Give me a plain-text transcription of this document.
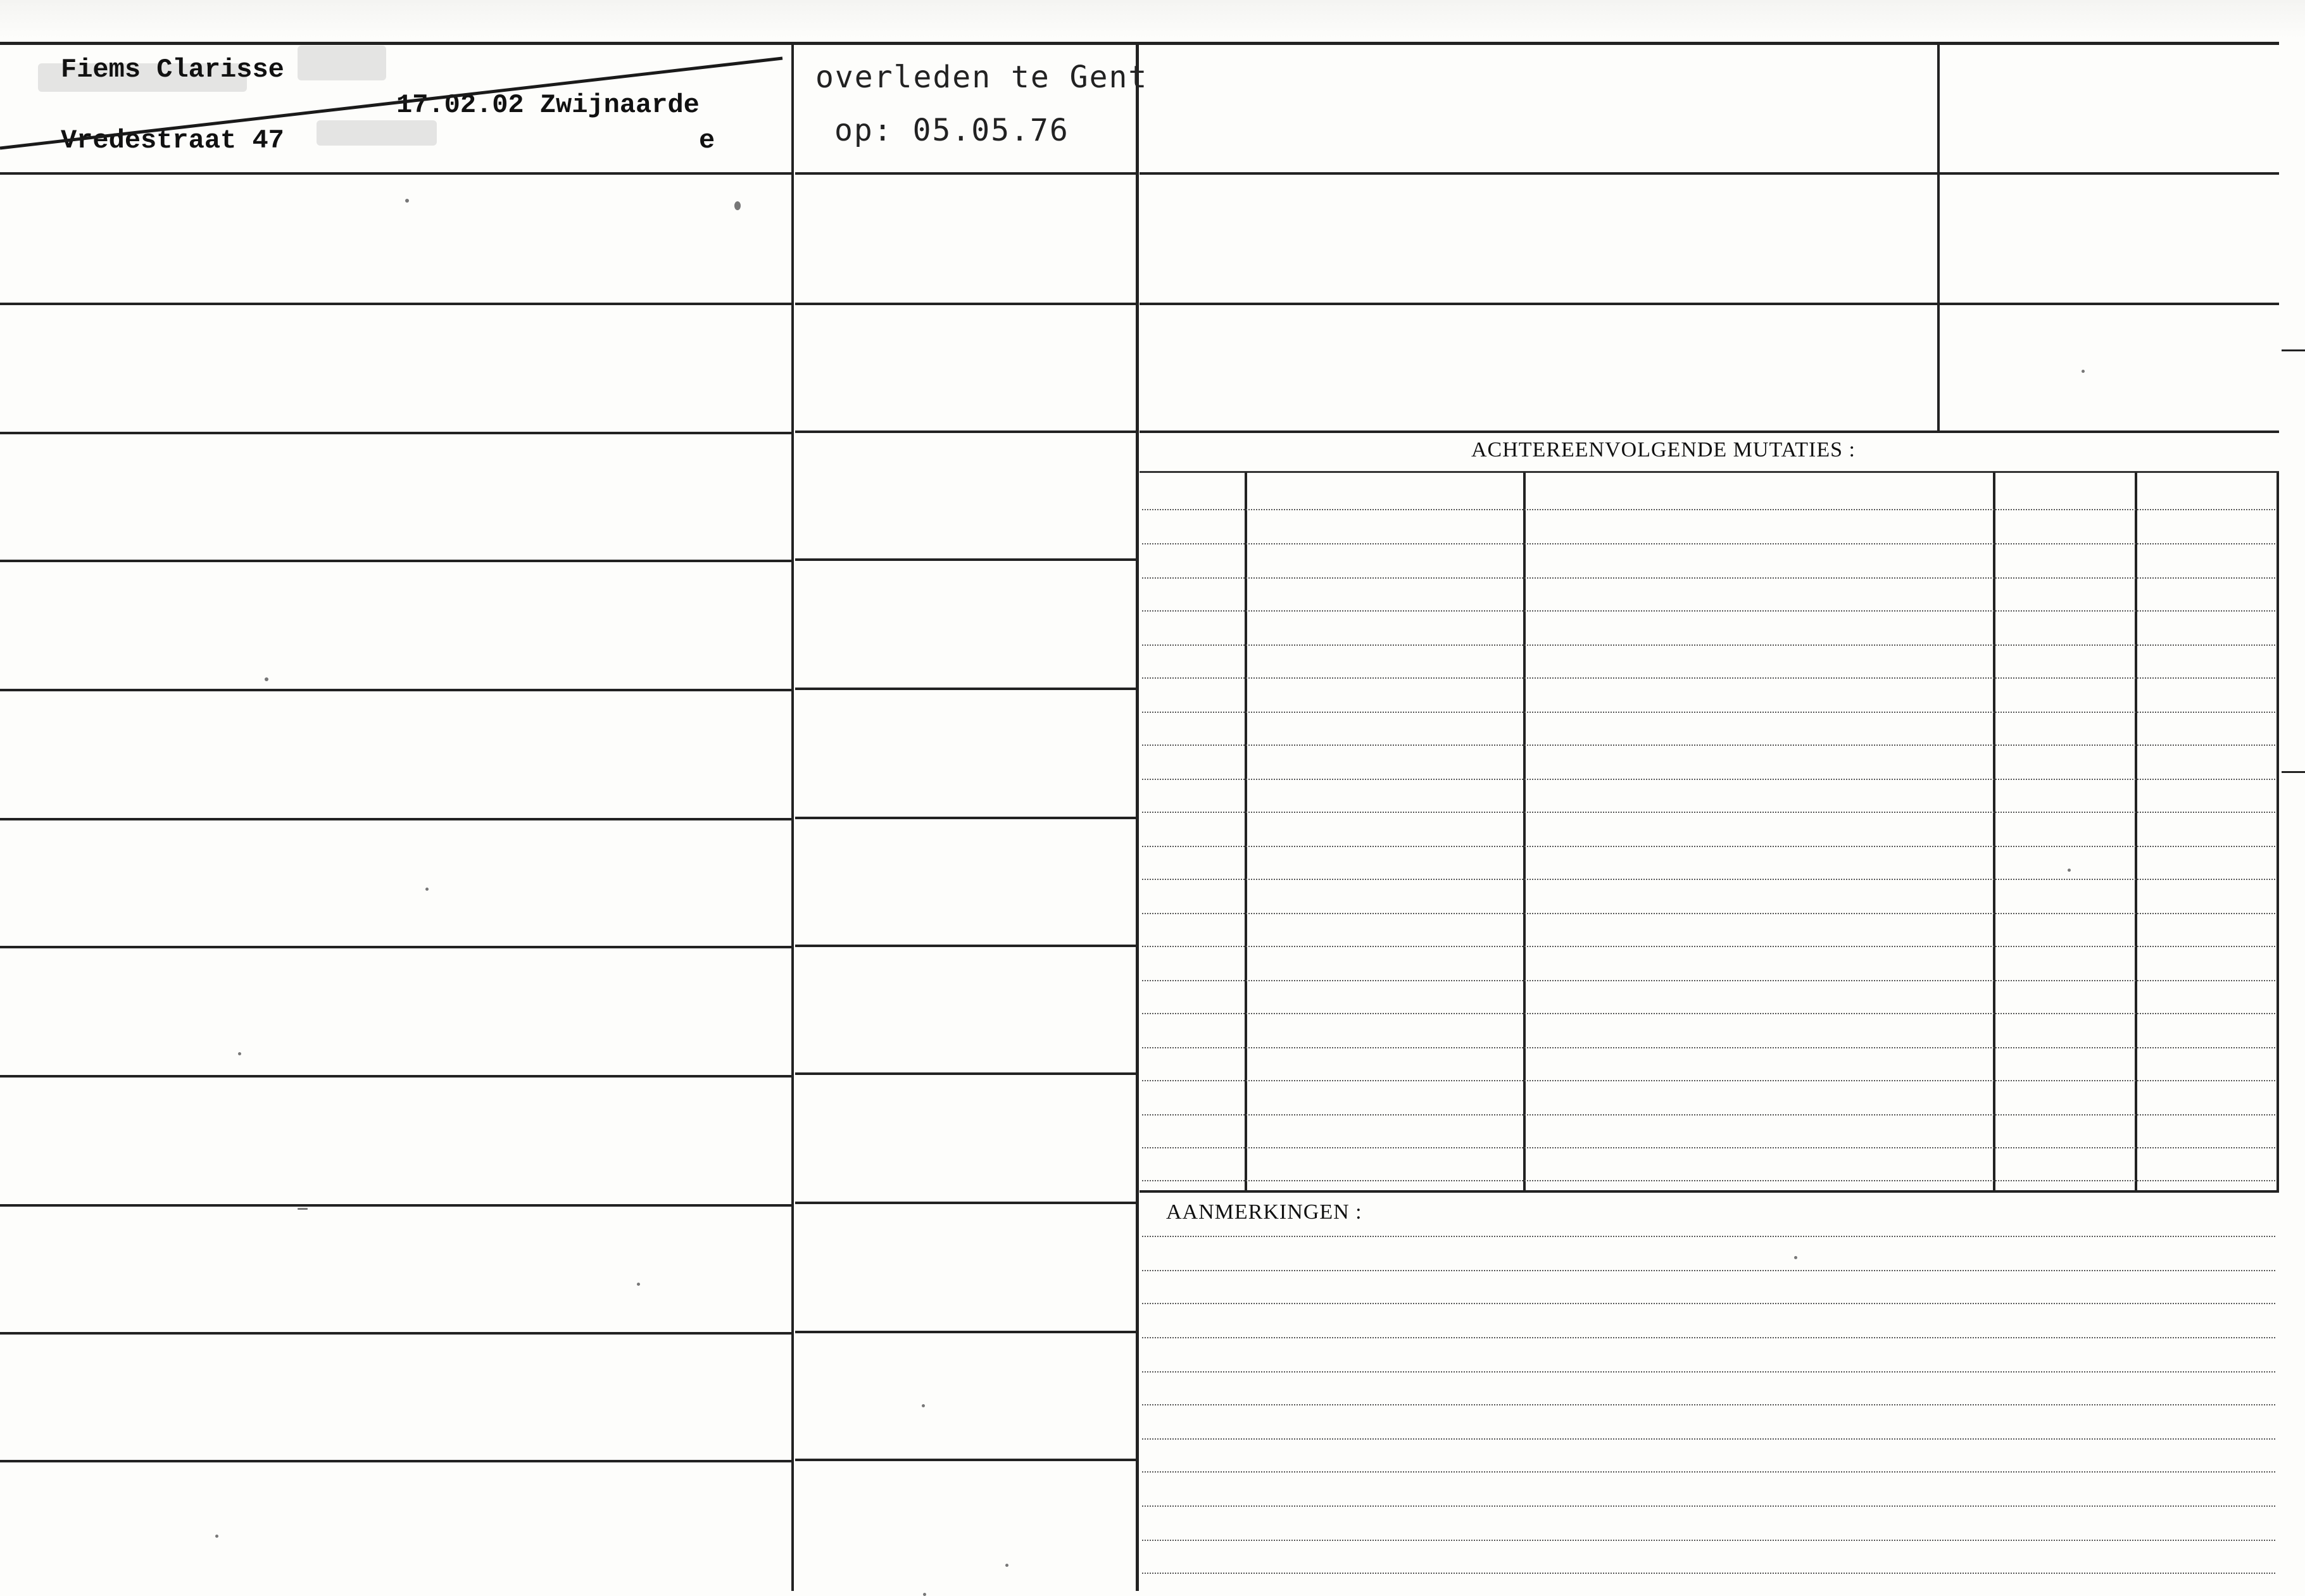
ACHTEREENVOLGENDE MUTATIES :
AANMERKINGEN :
Fiems Clarisse
17.02.02 Zwijnaarde
Vredestraat 47	e
overleden te Gent
op: 05.05.76
